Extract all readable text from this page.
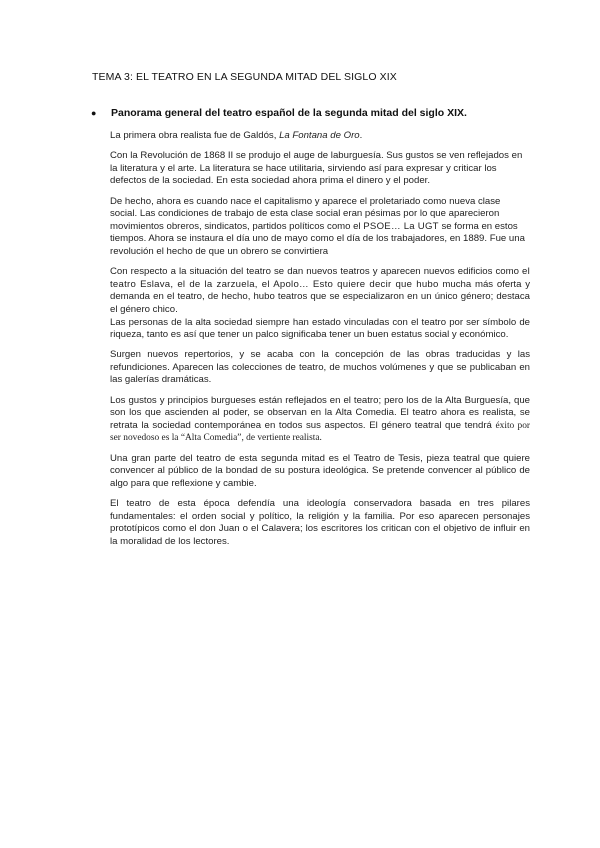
TEMA 3: EL TEATRO EN LA SEGUNDA MITAD DEL SIGLO XIX
●	Panorama general del teatro español de la segunda mitad del siglo XIX.

La primera obra realista fue de Galdós, La Fontana de Oro.

Con la Revolución de 1868 II se produjo el auge de laburguesía. Sus gustos se ven reflejados en la literatura y el arte. La literatura se hace utilitaria, sirviendo así para expresar y criticar los defectos de la sociedad. En esta sociedad ahora prima el dinero y el poder.

De hecho, ahora es cuando nace el capitalismo y aparece el proletariado como nueva clase social. Las condiciones de trabajo de esta clase social eran pésimas por lo que aparecieron movimientos obreros, sindicatos, partidos políticos como el PSOE… La UGT se forma en estos tiempos. Ahora se instaura el día uno de mayo como el día de los trabajadores, en 1889. Fue una revolución el hecho de que un obrero se convirtiera

Con respecto a la situación del teatro se dan nuevos teatros y aparecen nuevos edificios como el teatro Eslava, el de la zarzuela, el Apolo… Esto quiere decir que hubo mucha más oferta y demanda en el teatro, de hecho, hubo teatros que se especializaron en un único género; destaca el género chico.

Las personas de la alta sociedad siempre han estado vinculadas con el teatro por ser símbolo de riqueza, tanto es así que tener un palco significaba tener un buen estatus social y económico.

Surgen nuevos repertorios, y se acaba con la concepción de las obras traducidas y las refundiciones. Aparecen las colecciones de teatro, de muchos volúmenes y que se publicaban en las galerías dramáticas.

Los gustos y principios burgueses están reflejados en el teatro; pero los de la Alta Burguesía, que son los que ascienden al poder, se observan en la Alta Comedia. El teatro ahora es realista, se retrata la sociedad contemporánea en todos sus aspectos. El género teatral que tendrá éxito por ser novedoso es la “Alta Comedia”, de vertiente realista.

Una gran parte del teatro de esta segunda mitad es el Teatro de Tesis, pieza teatral que quiere convencer al público de la bondad de su postura ideológica. Se pretende convencer al público de algo para que reflexione y cambie.

El teatro de esta época defendía una ideología conservadora basada en tres pilares fundamentales: el orden social y político, la religión y la familia. Por eso aparecen personajes prototípicos como el don Juan o el Calavera; los escritores los critican con el objetivo de influir en la moralidad de los lectores.
